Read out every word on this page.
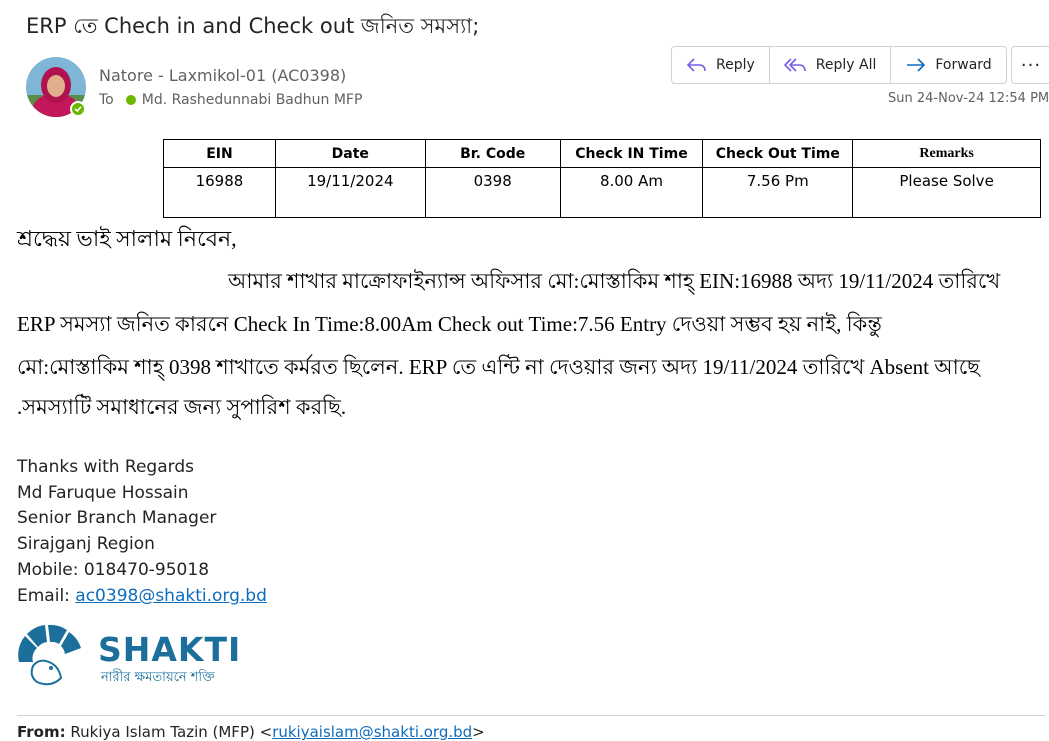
ERP তে Chech in and Check out জনিত সমস্যা;
Natore - Laxmikol-01 (AC0398)
To Md. Rashedunnabi Badhun MFP
Reply	Reply All	Forward ···
Sun 24-Nov-24 12:54 PM
EIN	Date	Br. Code	Check IN Time	Check Out Time	Remarks
16988	19/11/2024	0398	8.00 Am	7.56 Pm	Please Solve
শ্রদ্ধেয় ভাই সালাম নিবেন,
আমার শাখার মাক্রোফাইন্যান্স অফিসার মো:মোস্তাকিম শাহ্ EIN:16988 অদ্য 19/11/2024 তারিখে
ERP সমস্যা জনিত কারনে Check In Time:8.00Am Check out Time:7.56 Entry দেওয়া সম্ভব হয় নাই, কিন্তু
মো:মোস্তাকিম শাহ্ 0398 শাখাতে কর্মরত ছিলেন. ERP তে এন্টি না দেওয়ার জন্য অদ্য 19/11/2024 তারিখে Absent আছে
.সমস্যাটি সমাধানের জন্য সুপারিশ করছি.
Thanks with Regards
Md Faruque Hossain
Senior Branch Manager
Sirajganj Region
Mobile: 018470-95018
Email: ac0398@shakti.org.bd
SHAKTI
নারীর ক্ষমতায়নে শক্তি
From: Rukiya Islam Tazin (MFP) <rukiyaislam@shakti.org.bd>
